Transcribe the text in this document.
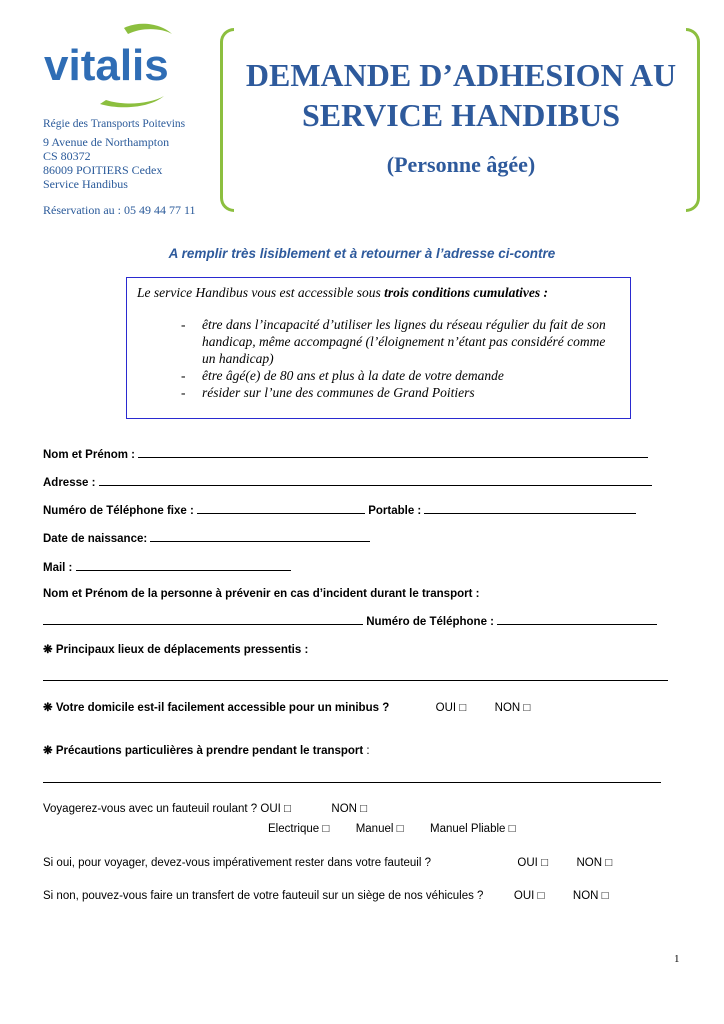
vitalis
Régie des Transports Poitevins
9 Avenue de Northampton
CS 80372
86009 POITIERS Cedex
Service Handibus
Réservation au : 05 49 44 77 11
DEMANDE D’ADHESION AU
SERVICE HANDIBUS
(Personne âgée)
A remplir très lisiblement et à retourner à l’adresse ci-contre
Le service Handibus vous est accessible sous trois conditions cumulatives :
- être dans l’incapacité d’utiliser les lignes du réseau régulier du fait de son handicap, même accompagné (l’éloignement n’étant pas considéré comme un handicap)
- être âgé(e) de 80 ans et plus à la date de votre demande
- résider sur l’une des communes de Grand Poitiers
Nom et Prénom :
Adresse :
Numéro de Téléphone fixe :	Portable :
Date de naissance:
Mail :
Nom et Prénom de la personne à prévenir en cas d’incident durant le transport :
Numéro de Téléphone :
❋ Principaux lieux de déplacements pressentis :
❋ Votre domicile est-il facilement accessible pour un minibus ?	OUI □ NON □
❋ Précautions particulières à prendre pendant le transport :
Voyagerez-vous avec un fauteuil roulant ? OUI □	NON □
Electrique □ Manuel □ Manuel Pliable □
Si oui, pour voyager, devez-vous impérativement rester dans votre fauteuil ?	OUI □ NON □
Si non, pouvez-vous faire un transfert de votre fauteuil sur un siège de nos véhicules ?	OUI □ NON □
1
